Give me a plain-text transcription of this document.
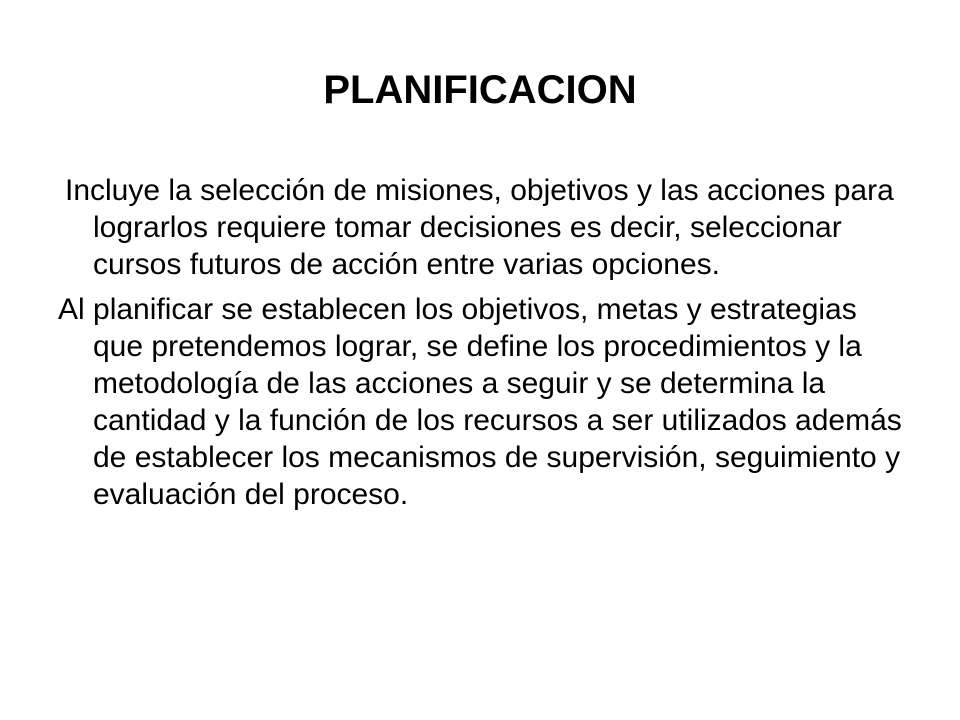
PLANIFICACION

Incluye la selección de misiones, objetivos y las acciones para lograrlos requiere tomar decisiones es decir, seleccionar cursos futuros de acción entre varias opciones.

Al planificar se establecen los objetivos, metas y estrategias que pretendemos lograr, se define los procedimientos y la metodología de las acciones a seguir y se determina la cantidad y la función de los recursos a ser utilizados además de establecer los mecanismos de supervisión, seguimiento y evaluación del proceso.
